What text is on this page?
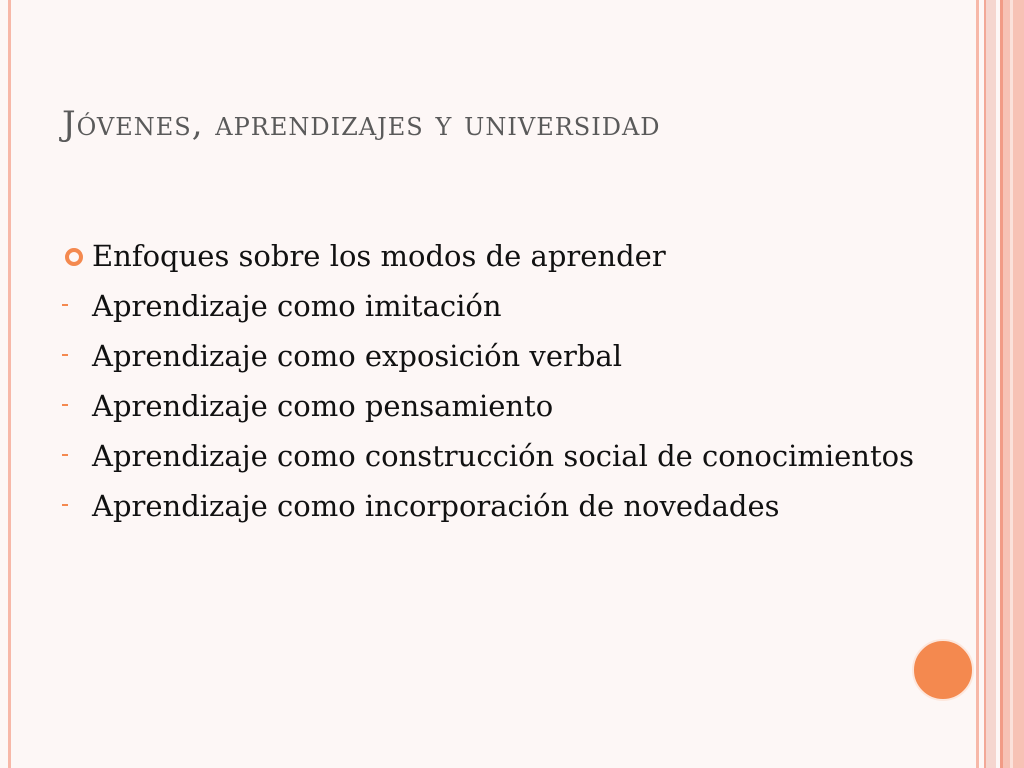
Jóvenes, aprendizajes y universidad
Enfoques sobre los modos de aprender
Aprendizaje como imitación
Aprendizaje como exposición verbal
Aprendizaje como pensamiento
Aprendizaje como construcción social de conocimientos
Aprendizaje como incorporación de novedades
